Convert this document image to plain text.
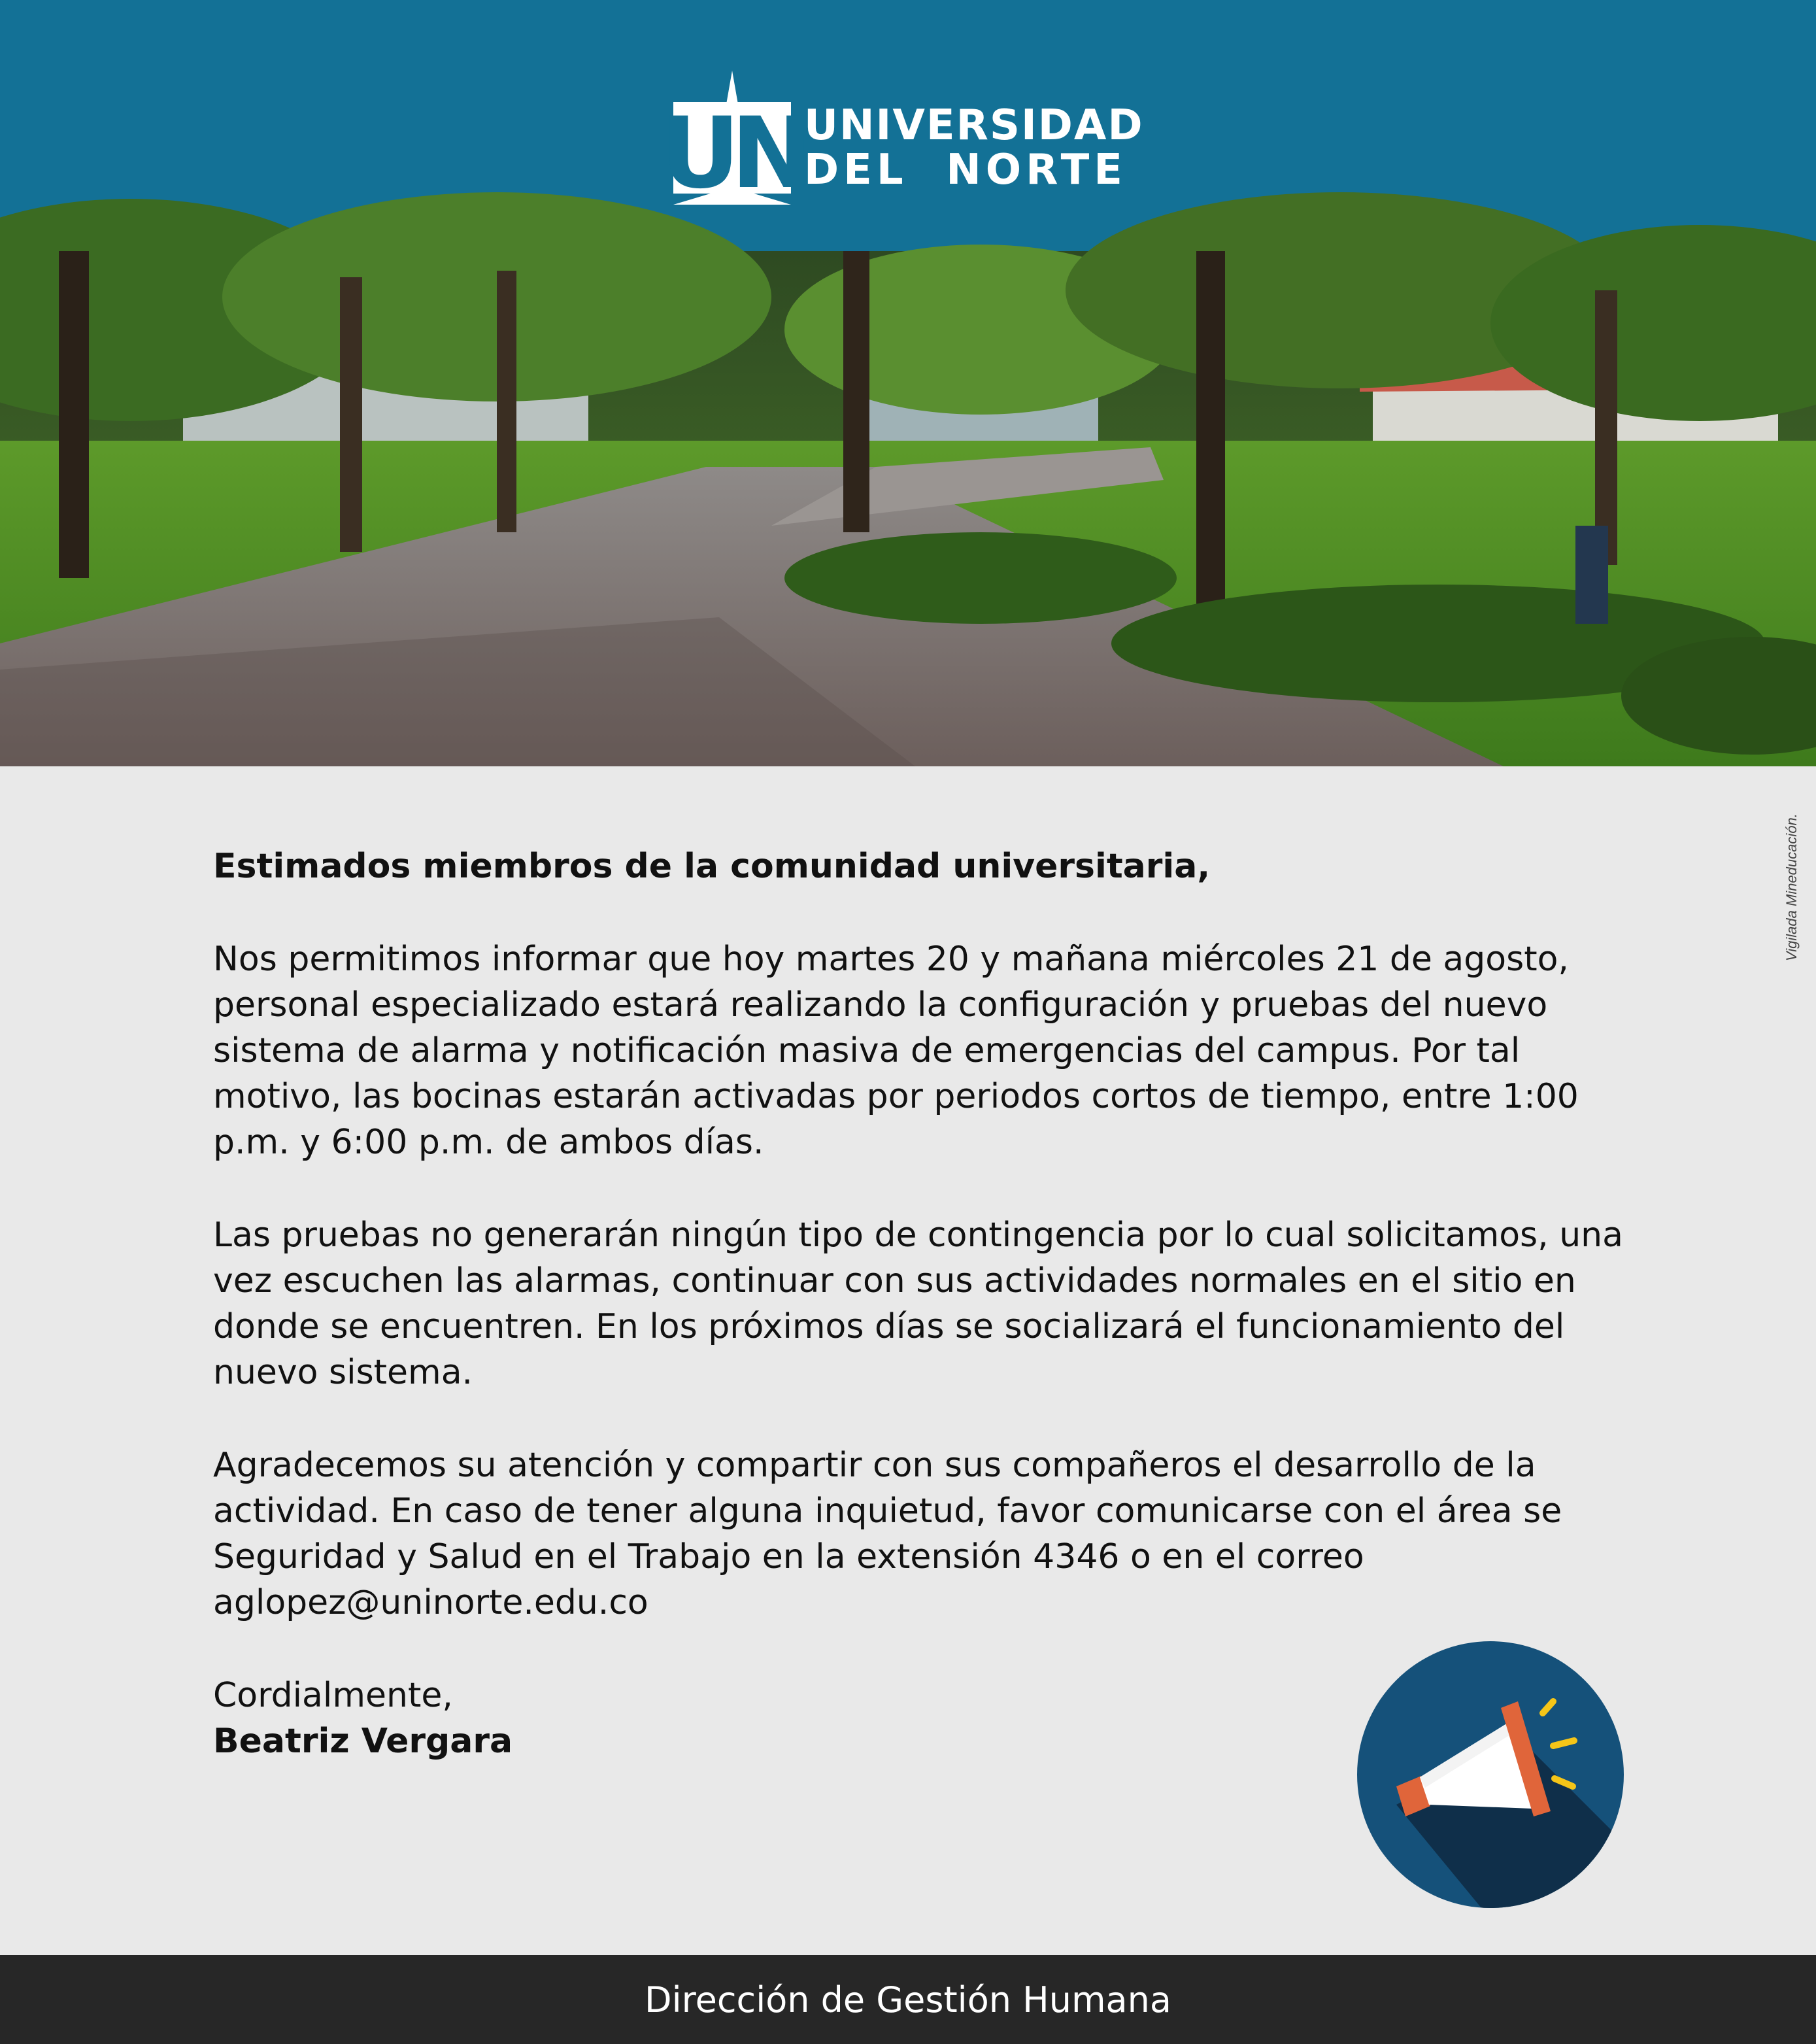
UN UNIVERSIDAD
DEL  NORTE

Estimados miembros de la comunidad universitaria,

Nos permitimos informar que hoy martes 20 y mañana miércoles 21 de agosto, personal especializado estará realizando la configuración y pruebas del nuevo sistema de alarma y notificación masiva de emergencias del campus. Por tal motivo, las bocinas estarán activadas por periodos cortos de tiempo, entre 1:00 p.m. y 6:00 p.m. de ambos días.

Las pruebas no generarán ningún tipo de contingencia por lo cual solicitamos, una vez escuchen las alarmas, continuar con sus actividades normales en el sitio en donde se encuentren. En los próximos días se socializará el funcionamiento del nuevo sistema.

Agradecemos su atención y compartir con sus compañeros el desarrollo de la actividad. En caso de tener alguna inquietud, favor comunicarse con el área se Seguridad y Salud en el Trabajo en la extensión 4346 o en el correo aglopez@uninorte.edu.co

Cordialmente,
Beatriz Vergara

Vigilada Mineducación.
Dirección de Gestión Humana
